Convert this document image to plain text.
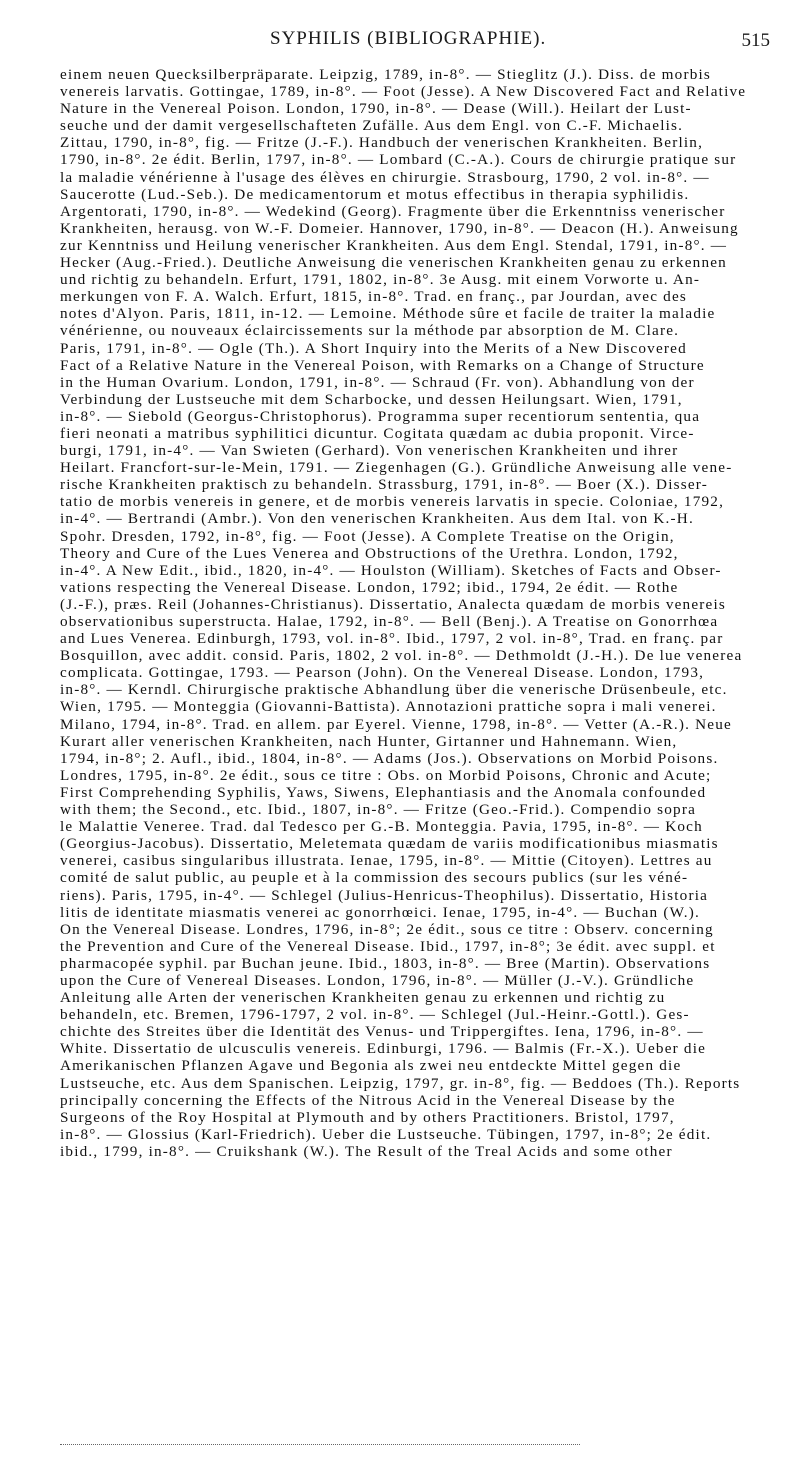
SYPHILIS (BIBLIOGRAPHIE).	515
einem neuen Quecksilberpräparate. Leipzig, 1789, in-8°. — Stieglitz (J.). Diss. de morbis
venereis larvatis. Gottingae, 1789, in-8°. — Foot (Jesse). A New Discovered Fact and Relative
Nature in the Venereal Poison. London, 1790, in-8°. — Dease (Will.). Heilart der Lust-
seuche und der damit vergesellschafteten Zufälle. Aus dem Engl. von C.-F. Michaelis.
Zittau, 1790, in-8°, fig. — Fritze (J.-F.). Handbuch der venerischen Krankheiten. Berlin,
1790, in-8°. 2e édit. Berlin, 1797, in-8°. — Lombard (C.-A.). Cours de chirurgie pratique sur
la maladie vénérienne à l'usage des élèves en chirurgie. Strasbourg, 1790, 2 vol. in-8°. —
Saucerotte (Lud.-Seb.). De medicamentorum et motus effectibus in therapia syphilidis.
Argentorati, 1790, in-8°. — Wedekind (Georg). Fragmente über die Erkenntniss venerischer
Krankheiten, herausg. von W.-F. Domeier. Hannover, 1790, in-8°. — Deacon (H.). Anweisung
zur Kenntniss und Heilung venerischer Krankheiten. Aus dem Engl. Stendal, 1791, in-8°. —
Hecker (Aug.-Fried.). Deutliche Anweisung die venerischen Krankheiten genau zu erkennen
und richtig zu behandeln. Erfurt, 1791, 1802, in-8°. 3e Ausg. mit einem Vorworte u. An-
merkungen von F. A. Walch. Erfurt, 1815, in-8°. Trad. en franç., par Jourdan, avec des
notes d'Alyon. Paris, 1811, in-12. — Lemoine. Méthode sûre et facile de traiter la maladie
vénérienne, ou nouveaux éclaircissements sur la méthode par absorption de M. Clare.
Paris, 1791, in-8°. — Ogle (Th.). A Short Inquiry into the Merits of a New Discovered
Fact of a Relative Nature in the Venereal Poison, with Remarks on a Change of Structure
in the Human Ovarium. London, 1791, in-8°. — Schraud (Fr. von). Abhandlung von der
Verbindung der Lustseuche mit dem Scharbocke, und dessen Heilungsart. Wien, 1791,
in-8°. — Siebold (Georgus-Christophorus). Programma super recentiorum sententia, qua
fieri neonati a matribus syphilitici dicuntur. Cogitata quædam ac dubia proponit. Virce-
burgi, 1791, in-4°. — Van Swieten (Gerhard). Von venerischen Krankheiten und ihrer
Heilart. Francfort-sur-le-Mein, 1791. — Ziegenhagen (G.). Gründliche Anweisung alle vene-
rische Krankheiten praktisch zu behandeln. Strassburg, 1791, in-8°. — Boer (X.). Disser-
tatio de morbis venereis in genere, et de morbis venereis larvatis in specie. Coloniae, 1792,
in-4°. — Bertrandi (Ambr.). Von den venerischen Krankheiten. Aus dem Ital. von K.-H.
Spohr. Dresden, 1792, in-8°, fig. — Foot (Jesse). A Complete Treatise on the Origin,
Theory and Cure of the Lues Venerea and Obstructions of the Urethra. London, 1792,
in-4°. A New Edit., ibid., 1820, in-4°. — Houlston (William). Sketches of Facts and Obser-
vations respecting the Venereal Disease. London, 1792; ibid., 1794, 2e édit. — Rothe
(J.-F.), præs. Reil (Johannes-Christianus). Dissertatio, Analecta quædam de morbis venereis
observationibus superstructa. Halae, 1792, in-8°. — Bell (Benj.). A Treatise on Gonorrhœa
and Lues Venerea. Edinburgh, 1793, vol. in-8°. Ibid., 1797, 2 vol. in-8°, Trad. en franç. par
Bosquillon, avec addit. consid. Paris, 1802, 2 vol. in-8°. — Dethmoldt (J.-H.). De lue venerea
complicata. Gottingae, 1793. — Pearson (John). On the Venereal Disease. London, 1793,
in-8°. — Kerndl. Chirurgische praktische Abhandlung über die venerische Drüsenbeule, etc.
Wien, 1795. — Monteggia (Giovanni-Battista). Annotazioni prattiche sopra i mali venerei.
Milano, 1794, in-8°. Trad. en allem. par Eyerel. Vienne, 1798, in-8°. — Vetter (A.-R.). Neue
Kurart aller venerischen Krankheiten, nach Hunter, Girtanner und Hahnemann. Wien,
1794, in-8°; 2. Aufl., ibid., 1804, in-8°. — Adams (Jos.). Observations on Morbid Poisons.
Londres, 1795, in-8°. 2e édit., sous ce titre : Obs. on Morbid Poisons, Chronic and Acute;
First Comprehending Syphilis, Yaws, Siwens, Elephantiasis and the Anomala confounded
with them; the Second., etc. Ibid., 1807, in-8°. — Fritze (Geo.-Frid.). Compendio sopra
le Malattie Veneree. Trad. dal Tedesco per G.-B. Monteggia. Pavia, 1795, in-8°. — Koch
(Georgius-Jacobus). Dissertatio, Meletemata quædam de variis modificationibus miasmatis
venerei, casibus singularibus illustrata. Ienae, 1795, in-8°. — Mittie (Citoyen). Lettres au
comité de salut public, au peuple et à la commission des secours publics (sur les véné-
riens). Paris, 1795, in-4°. — Schlegel (Julius-Henricus-Theophilus). Dissertatio, Historia
litis de identitate miasmatis venerei ac gonorrhœici. Ienae, 1795, in-4°. — Buchan (W.).
On the Venereal Disease. Londres, 1796, in-8°; 2e édit., sous ce titre : Observ. concerning
the Prevention and Cure of the Venereal Disease. Ibid., 1797, in-8°; 3e édit. avec suppl. et
pharmacopée syphil. par Buchan jeune. Ibid., 1803, in-8°. — Bree (Martin). Observations
upon the Cure of Venereal Diseases. London, 1796, in-8°. — Müller (J.-V.). Gründliche
Anleitung alle Arten der venerischen Krankheiten genau zu erkennen und richtig zu
behandeln, etc. Bremen, 1796-1797, 2 vol. in-8°. — Schlegel (Jul.-Heinr.-Gottl.). Ges-
chichte des Streites über die Identität des Venus- und Trippergiftes. Iena, 1796, in-8°. —
White. Dissertatio de ulcusculis venereis. Edinburgi, 1796. — Balmis (Fr.-X.). Ueber die
Amerikanischen Pflanzen Agave und Begonia als zwei neu entdeckte Mittel gegen die
Lustseuche, etc. Aus dem Spanischen. Leipzig, 1797, gr. in-8°, fig. — Beddoes (Th.). Reports
principally concerning the Effects of the Nitrous Acid in the Venereal Disease by the
Surgeons of the Roy Hospital at Plymouth and by others Practitioners. Bristol, 1797,
in-8°. — Glossius (Karl-Friedrich). Ueber die Lustseuche. Tübingen, 1797, in-8°; 2e édit.
ibid., 1799, in-8°. — Cruikshank (W.). The Result of the Treal Acids and some other
